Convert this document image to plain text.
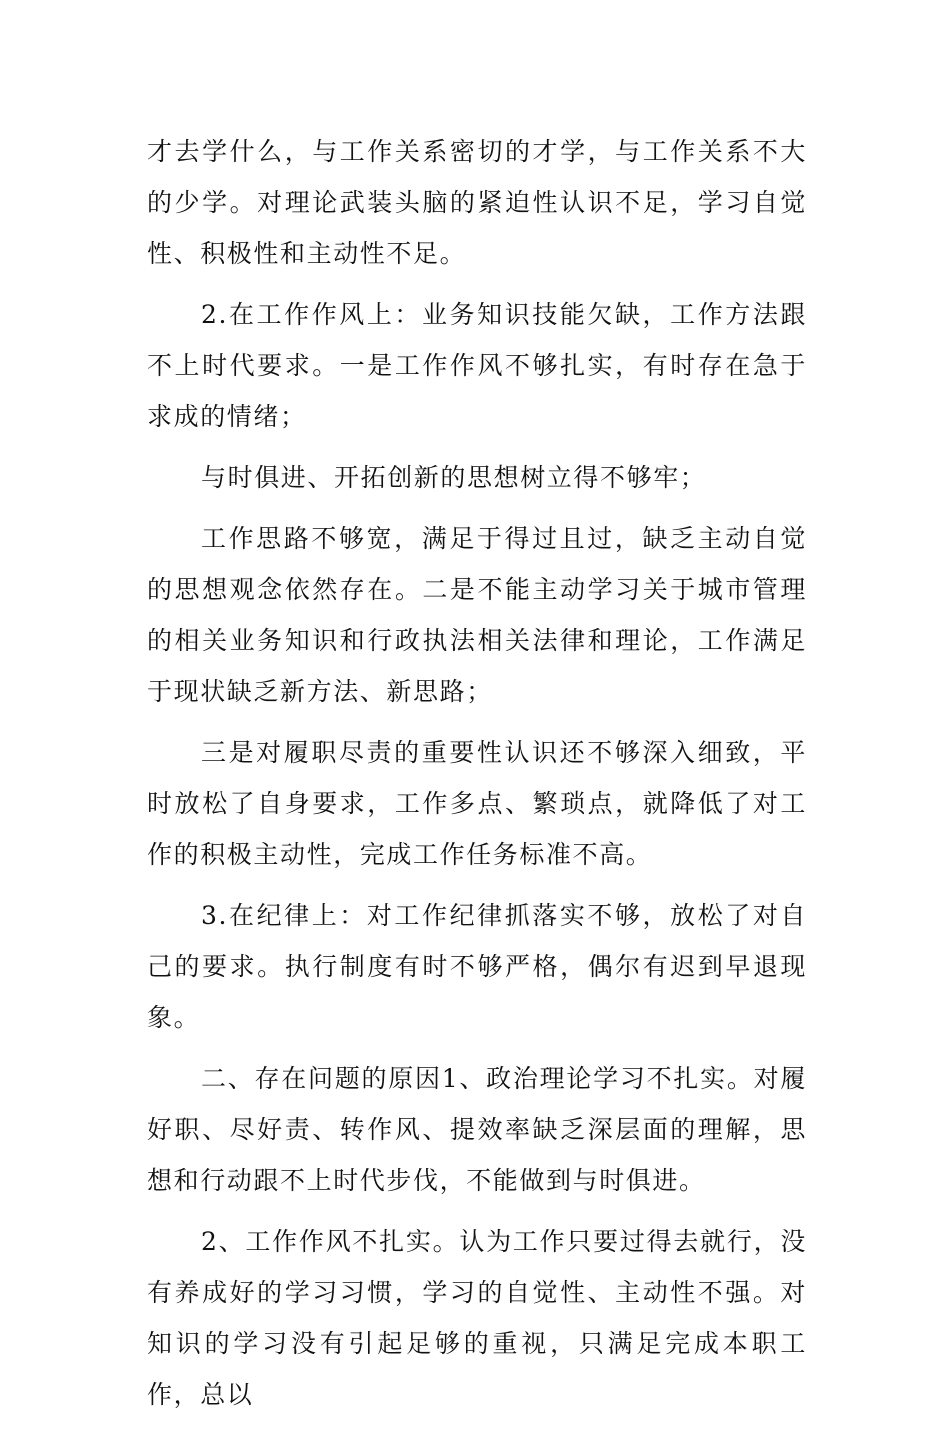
才去学什么，与工作关系密切的才学，与工作关系不大的少学。对理论武装头脑的紧迫性认识不足，学习自觉性、积极性和主动性不足。

2.在工作作风上：业务知识技能欠缺，工作方法跟不上时代要求。一是工作作风不够扎实，有时存在急于求成的情绪；

与时俱进、开拓创新的思想树立得不够牢；

工作思路不够宽，满足于得过且过，缺乏主动自觉的思想观念依然存在。二是不能主动学习关于城市管理的相关业务知识和行政执法相关法律和理论，工作满足于现状缺乏新方法、新思路；

三是对履职尽责的重要性认识还不够深入细致，平时放松了自身要求，工作多点、繁琐点，就降低了对工作的积极主动性，完成工作任务标准不高。

3.在纪律上：对工作纪律抓落实不够，放松了对自己的要求。执行制度有时不够严格，偶尔有迟到早退现象。

二、存在问题的原因1、政治理论学习不扎实。对履好职、尽好责、转作风、提效率缺乏深层面的理解，思想和行动跟不上时代步伐，不能做到与时俱进。

2、工作作风不扎实。认为工作只要过得去就行，没有养成好的学习习惯，学习的自觉性、主动性不强。对知识的学习没有引起足够的重视，只满足完成本职工作，总以
